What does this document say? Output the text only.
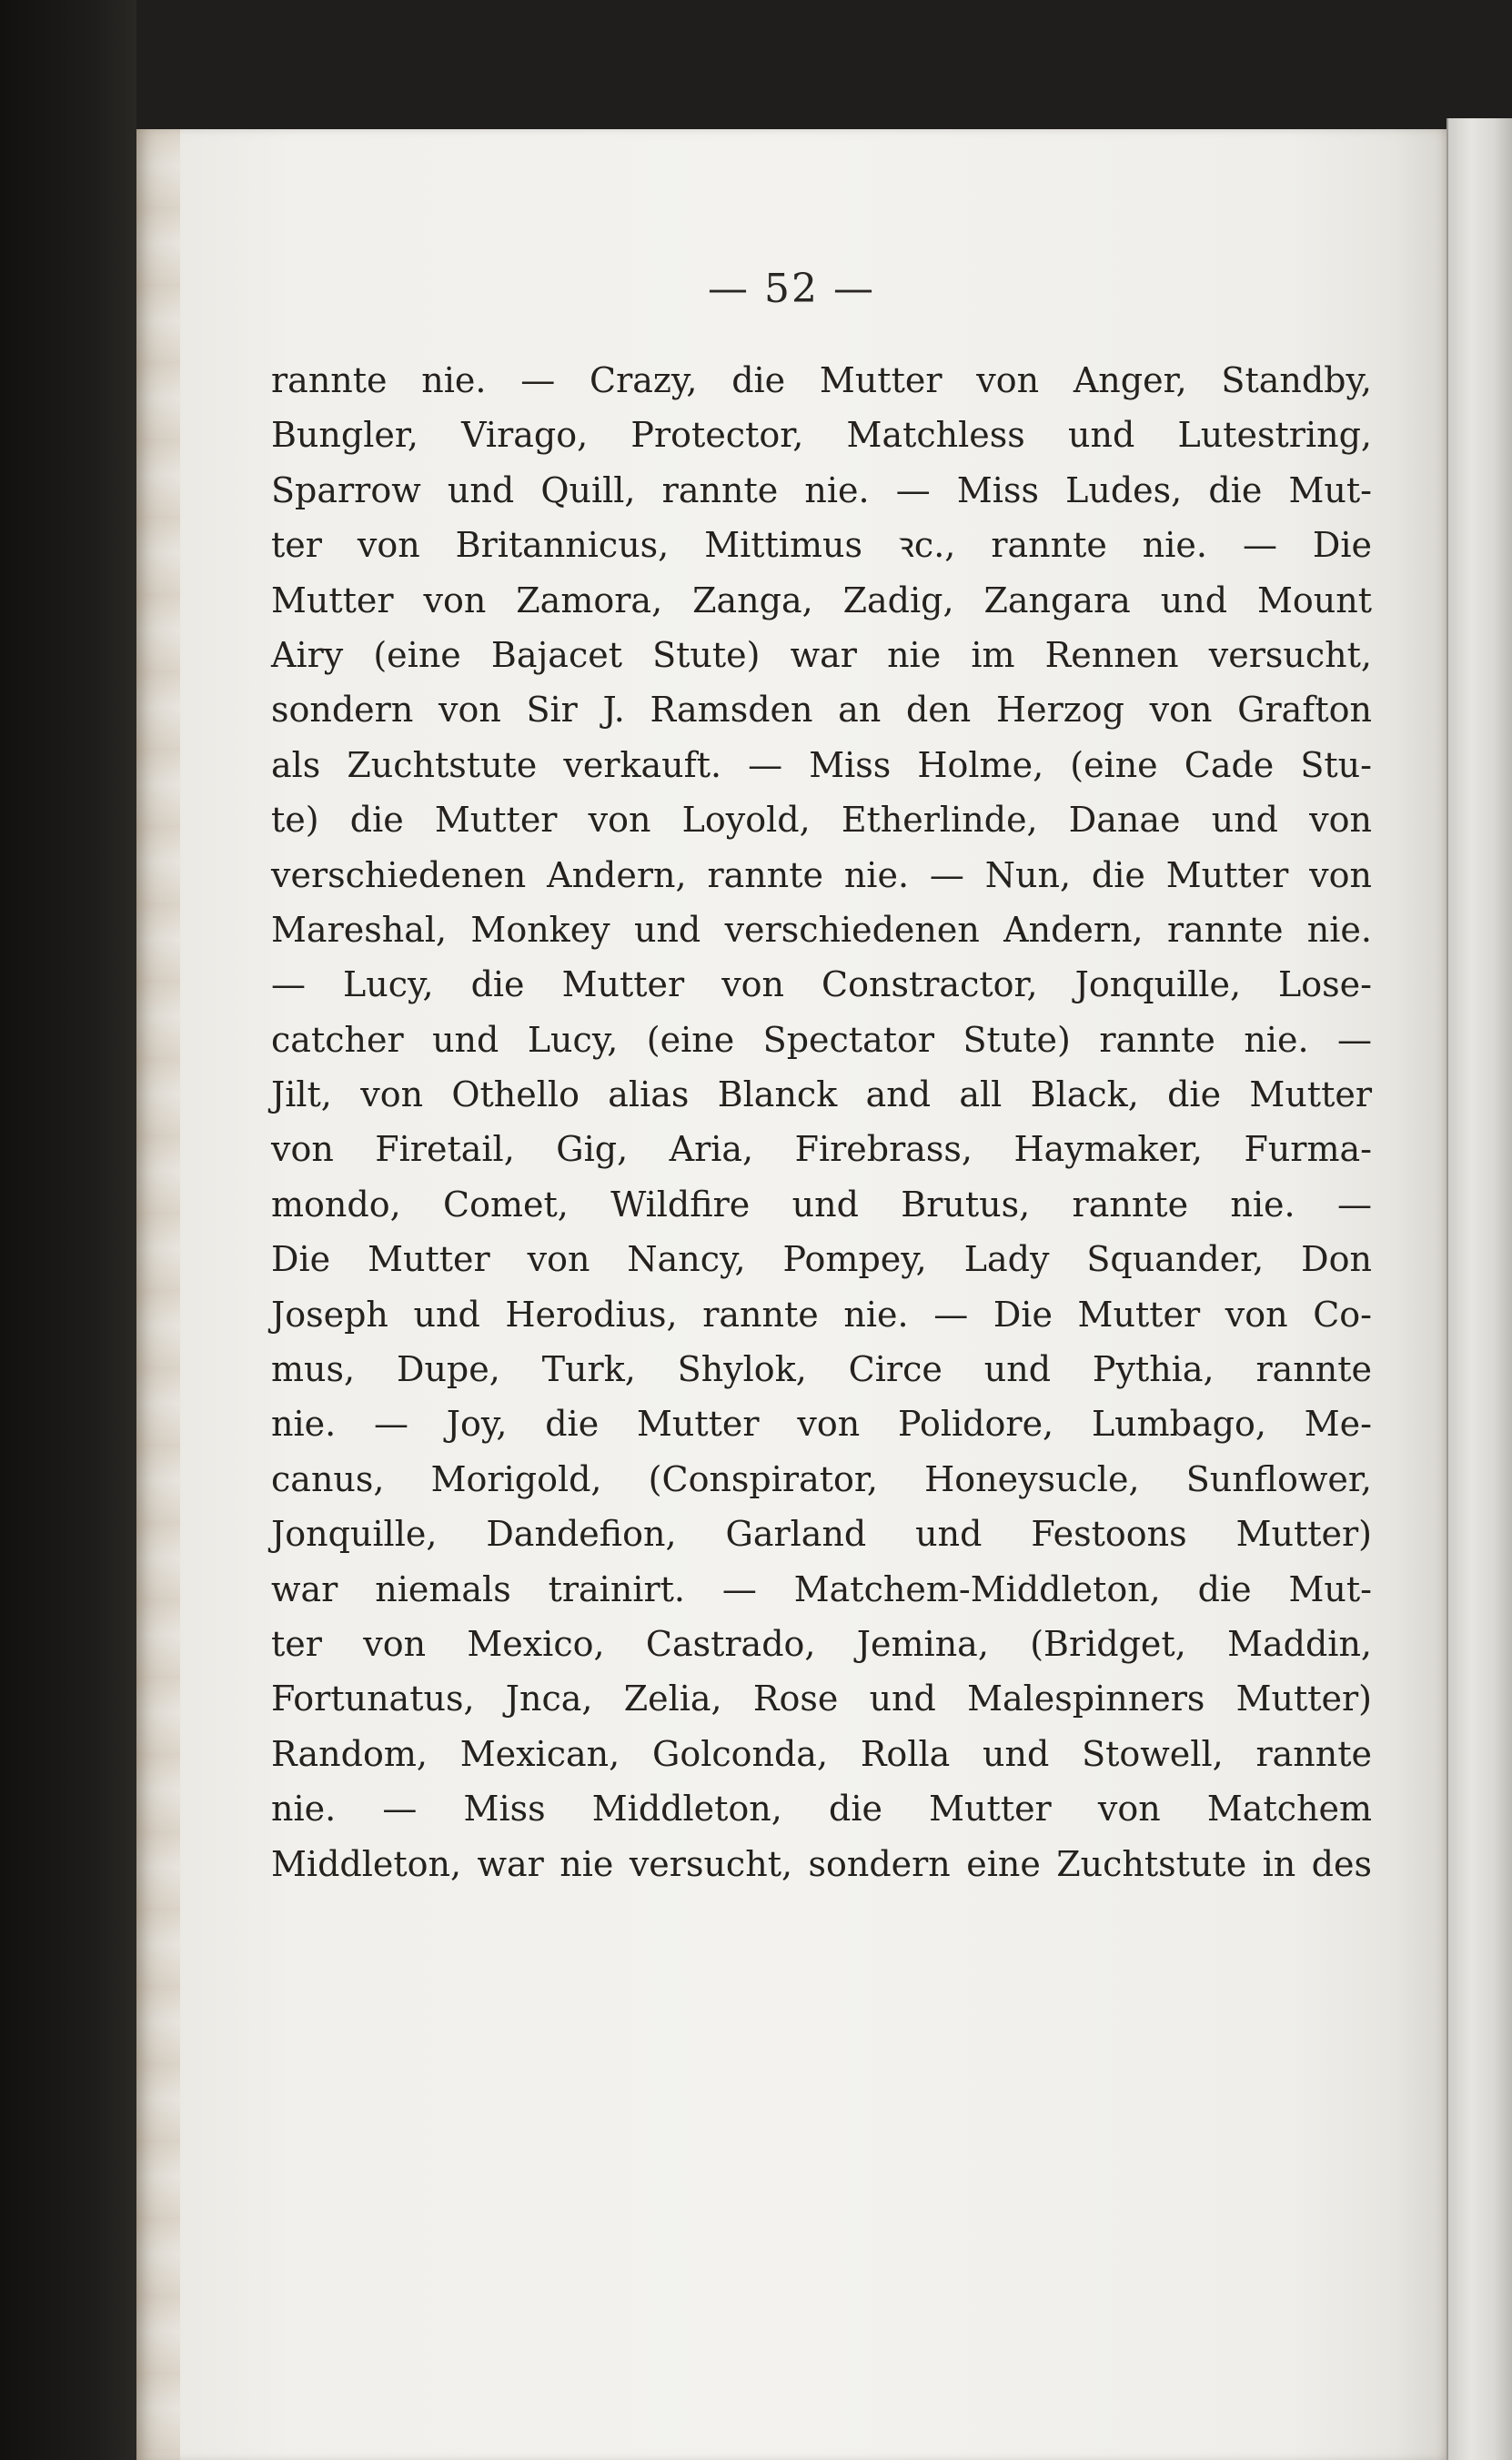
— 52 —
rannte nie. — Crazy, die Mutter von Anger, Standby,
Bungler, Virago, Protector, Matchless und Lutestring,
Sparrow und Quill, rannte nie. — Miss Ludes, die Mut-
ter von Britannicus, Mittimus ꝛc., rannte nie. — Die
Mutter von Zamora, Zanga, Zadig, Zangara und Mount
Airy (eine Bajacet Stute) war nie im Rennen versucht,
sondern von Sir J. Ramsden an den Herzog von Grafton
als Zuchtstute verkauft. — Miss Holme, (eine Cade Stu-
te) die Mutter von Loyold, Etherlinde, Danae und von
verschiedenen Andern, rannte nie. — Nun, die Mutter von
Mareshal, Monkey und verschiedenen Andern, rannte nie.
— Lucy, die Mutter von Constractor, Jonquille, Lose-
catcher und Lucy, (eine Spectator Stute) rannte nie. —
Jilt, von Othello alias Blanck and all Black, die Mutter
von Firetail, Gig, Aria, Firebrass, Haymaker, Furma-
mondo, Comet, Wildfire und Brutus, rannte nie. —
Die Mutter von Nancy, Pompey, Lady Squander, Don
Joseph und Herodius, rannte nie. — Die Mutter von Co-
mus, Dupe, Turk, Shylok, Circe und Pythia, rannte
nie. — Joy, die Mutter von Polidore, Lumbago, Me-
canus, Morigold, (Conspirator, Honeysucle, Sunflower,
Jonquille, Dandefion, Garland und Festoons Mutter)
war niemals trainirt. — Matchem-Middleton, die Mut-
ter von Mexico, Castrado, Jemina, (Bridget, Maddin,
Fortunatus, Jnca, Zelia, Rose und Malespinners Mutter)
Random, Mexican, Golconda, Rolla und Stowell, rannte
nie. — Miss Middleton, die Mutter von Matchem
Middleton, war nie versucht, sondern eine Zuchtstute in des
